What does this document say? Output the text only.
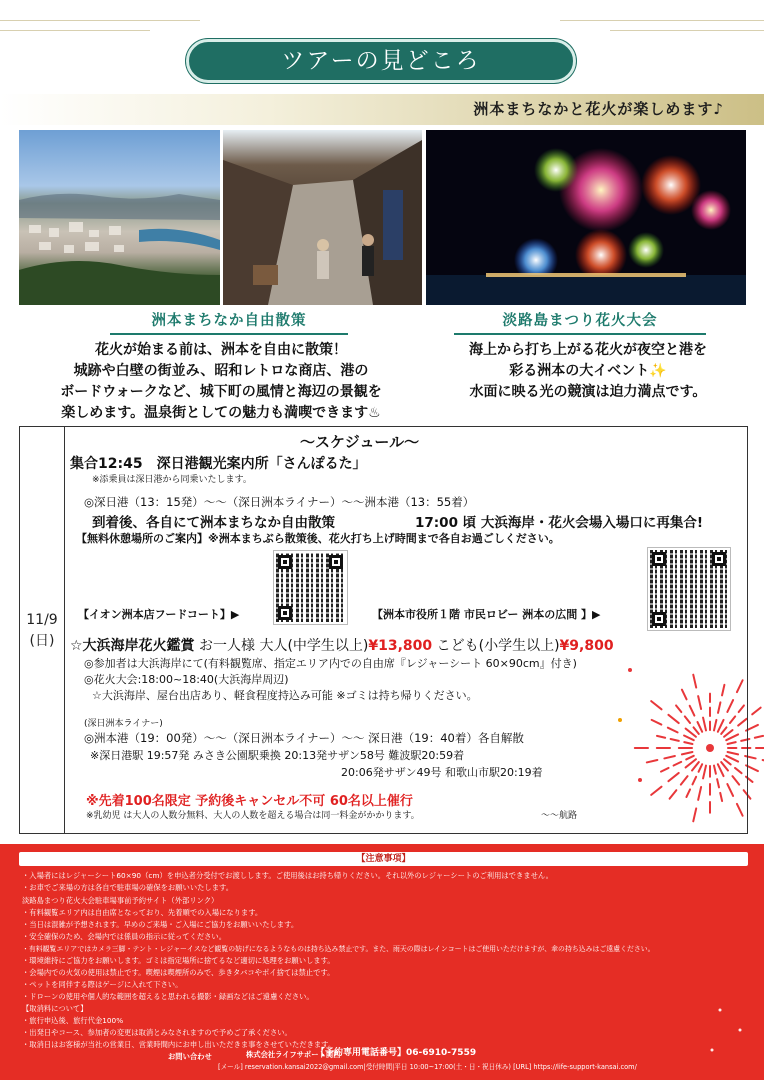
ツアーの見どころ
洲本まちなかと花火が楽しめます♪
洲本まちなか自由散策	淡路島まつり花火大会
花火が始まる前は、洲本を自由に散策！
城跡や白壁の街並み、昭和レトロな商店、港の
ボードウォークなど、城下町の風情と海辺の景観を
楽しめます。温泉街としての魅力も満喫できます♨
海上から打ち上がる花火が夜空と港を
彩る洲本の大イベント✨
水面に映る光の競演は迫力満点です。
11/9
(日)
〜スケジュール〜
集合12:45　深日港観光案内所「さんぽるた」
※添乗員は深日港から同乗いたします。
◎深日港（13：15発）〜〜（深日洲本ライナー）〜〜洲本港（13：55着）
到着後、各自にて洲本まちなか自由散策	17:00 頃 大浜海岸・花火会場入場口に再集合!
【無料休憩場所のご案内】※洲本まちぶら散策後、花火打ち上げ時間まで各自お過ごしください。
【イオン洲本店フードコート】▶	【洲本市役所１階 市民ロビー 洲本の広間 】▶
☆大浜海岸花火鑑賞 お一人様 大人(中学生以上)¥13,800 こども(小学生以上)¥9,800
◎参加者は大浜海岸にて(有料観覧席、指定エリア内での自由席『レジャーシート 60×90cm』付き)
◎花火大会:18:00~18:40(大浜海岸周辺)
☆大浜海岸、屋台出店あり、軽食程度持込み可能 ※ゴミは持ち帰りください。
(深日洲本ライナー)
◎洲本港（19：00発）〜〜（深日洲本ライナー）〜〜 深日港（19：40着）各自解散
※深日港駅 19:57発 みさき公園駅乗換 20:13発サザン58号 難波駅20:59着
20:06発サザン49号 和歌山市駅20:19着
※先着100名限定 予約後キャンセル不可 60名以上催行
※乳幼児 は大人の人数分無料、大人の人数を超える場合は同一料金がかかります。	〜〜航路
【注意事項】
・入場者にはレジャーシート60×90（cm）を申込者分受付でお渡しします。ご使用後はお持ち帰りください。それ以外のレジャーシートのご利用はできません。
・お車でご来場の方は各自で駐車場の確保をお願いいたします。
淡路島まつり花火大会駐車場事前予約サイト（外部リンク）
・有料観覧エリア内は自由席となっており、先着順での入場になります。
・当日は混雑が予想されます。早めのご来場・ご入場にご協力をお願いいたします。
・安全確保のため、会場内では係員の指示に従ってください。
・有料観覧エリアではカメラ三脚・テント・レジャーイスなど観覧の妨げになるようなものは持ち込み禁止です。また、雨天の際はレインコートはご使用いただけますが、傘の持ち込みはご遠慮ください。
・環境維持にご協力をお願いします。ゴミは指定場所に捨てるなど適切に処理をお願いします。
・会場内での火気の使用は禁止です。喫煙は喫煙所のみで、歩きタバコやポイ捨ては禁止です。
・ペットを同伴する際はゲージに入れて下さい。
・ドローンの使用や個人的な範囲を超えると思われる撮影・録画などはご遠慮ください。
【取消料について】
・旅行申込後、旅行代金100%
・出発日やコース、参加者の変更は取消とみなされますので予めご了承ください。
・取消日はお客様が当社の営業日、営業時間内にお申し出いただきま事をさせていただきます。
お問い合わせ	株式会社ライフサポート関西
【予約専用電話番号】06-6910-7559
[メール] reservation.kansai2022@gmail.com|受付時間|平日 10:00~17:00(土・日・祝日休み) [URL] https://life-support-kansai.com/
